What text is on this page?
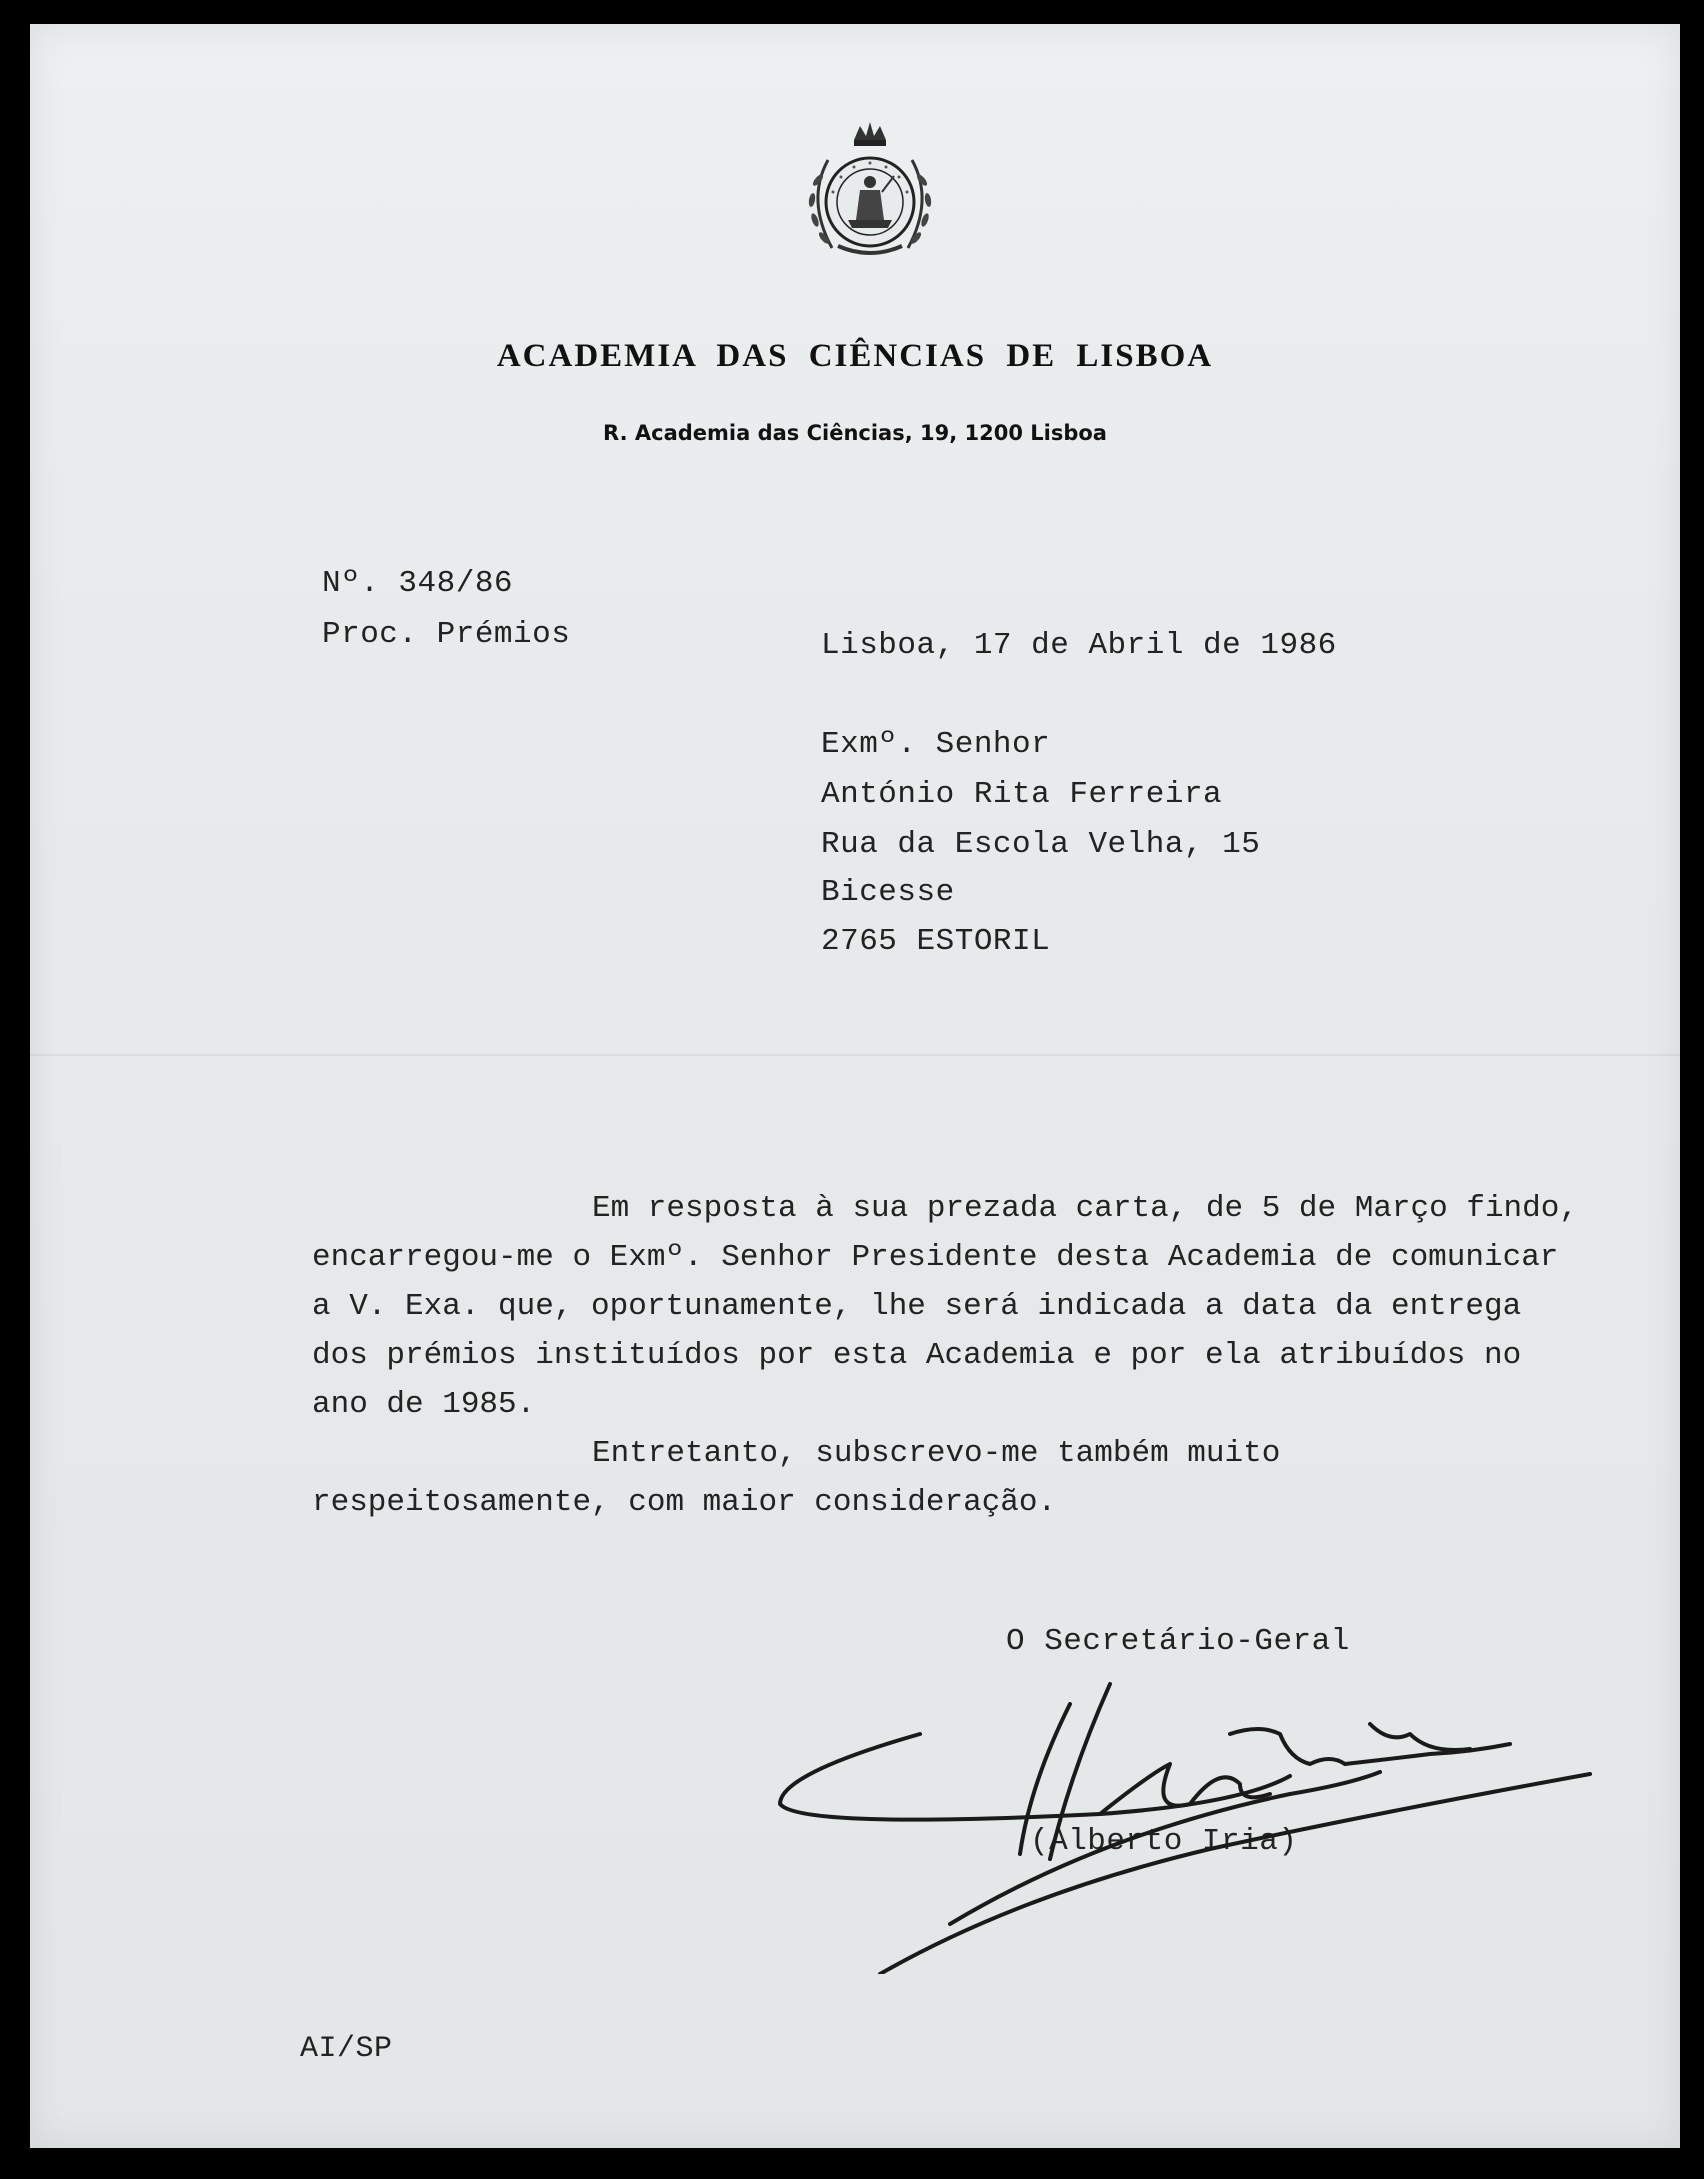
ACADEMIA DAS CIÊNCIAS DE LISBOA
R. Academia das Ciências, 19, 1200 Lisboa
Nº. 348/86
Proc. Prémios	Lisboa, 17 de Abril de 1986
Exmº. Senhor
António Rita Ferreira
Rua da Escola Velha, 15
Bicesse
2765 ESTORIL

Em resposta à sua prezada carta, de 5 de Março findo, encarregou-me o Exmº. Senhor Presidente desta Academia de comunicar a V. Exa. que, oportunamente, lhe será indicada a data da entrega dos prémios instituídos por esta Academia e por ela atribuídos no ano de 1985.

Entretanto, subscrevo-me também muito respeitosamente, com maior consideração.

O Secretário-Geral
(Alberto Iria)
AI/SP
